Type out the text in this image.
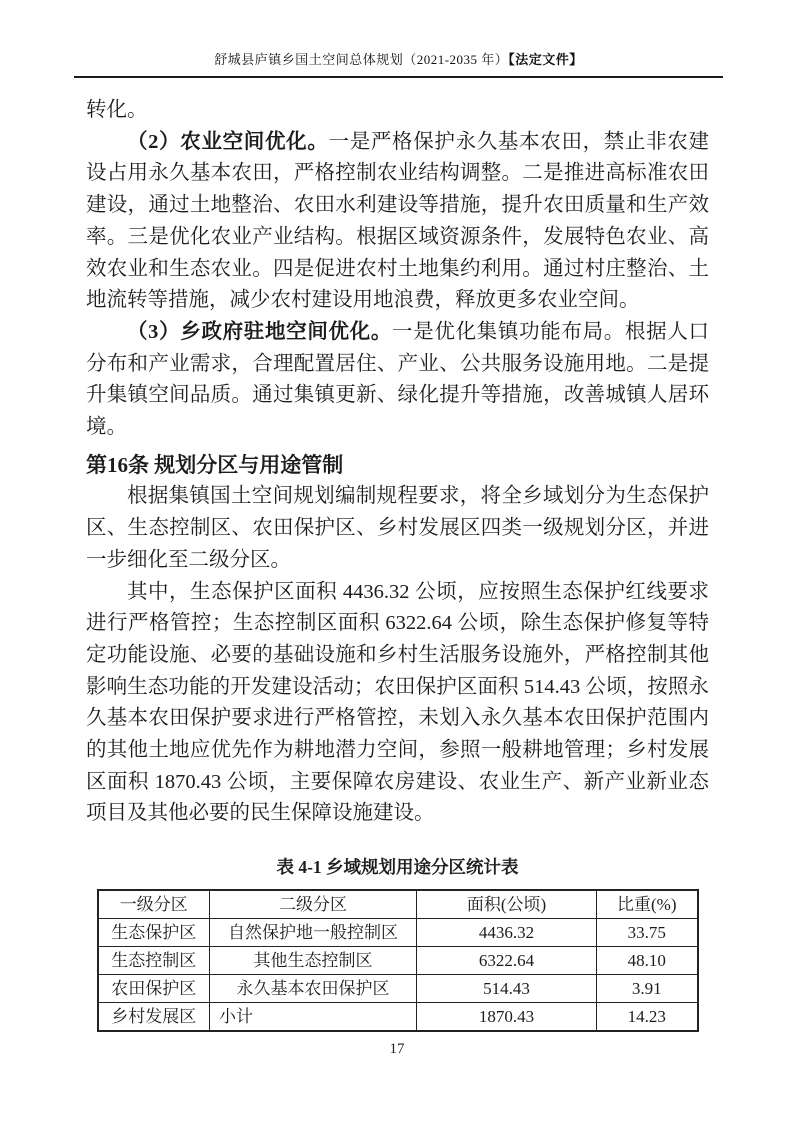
舒城县庐镇乡国土空间总体规划（2021-2035 年）【法定文件】

转化。

（2）农业空间优化。一是严格保护永久基本农田，禁止非农建设占用永久基本农田，严格控制农业结构调整。二是推进高标准农田建设，通过土地整治、农田水利建设等措施，提升农田质量和生产效率。三是优化农业产业结构。根据区域资源条件，发展特色农业、高效农业和生态农业。四是促进农村土地集约利用。通过村庄整治、土地流转等措施，减少农村建设用地浪费，释放更多农业空间。

（3）乡政府驻地空间优化。一是优化集镇功能布局。根据人口分布和产业需求，合理配置居住、产业、公共服务设施用地。二是提升集镇空间品质。通过集镇更新、绿化提升等措施，改善城镇人居环境。

第16条 规划分区与用途管制

根据集镇国土空间规划编制规程要求，将全乡域划分为生态保护区、生态控制区、农田保护区、乡村发展区四类一级规划分区，并进一步细化至二级分区。

其中，生态保护区面积 4436.32 公顷，应按照生态保护红线要求进行严格管控；生态控制区面积 6322.64 公顷，除生态保护修复等特定功能设施、必要的基础设施和乡村生活服务设施外，严格控制其他影响生态功能的开发建设活动；农田保护区面积 514.43 公顷，按照永久基本农田保护要求进行严格管控，未划入永久基本农田保护范围内的其他土地应优先作为耕地潜力空间，参照一般耕地管理；乡村发展区面积 1870.43 公顷，主要保障农房建设、农业生产、新产业新业态项目及其他必要的民生保障设施建设。

表 4-1 乡域规划用途分区统计表
一级分区	二级分区	面积(公顷)	比重(%)
生态保护区	自然保护地一般控制区	4436.32	33.75
生态控制区	其他生态控制区	6322.64	48.10
农田保护区	永久基本农田保护区	514.43	3.91
乡村发展区	小计	1870.43	14.23
17
